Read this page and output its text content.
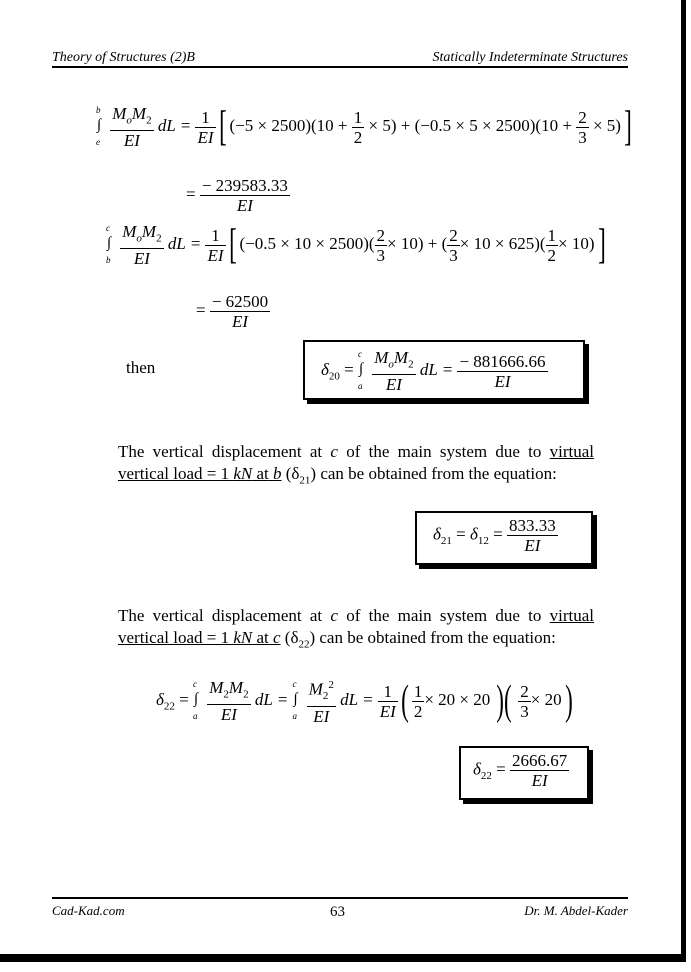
Theory of Structures (2)B	Statically Indeterminate Structures
b
∫
e
$\frac{M_oM_2}{EI}$ dL = $\frac{1}{EI}$ [ $(-5 \times 2500)(10 + \frac{1}{2} \times 5) + (-0.5 \times 5 \times 2500)(10 + \frac{2}{3} \times 5)$]
= $\frac{- 239583.33}{EI}$
c
∫
b
$\frac{M_oM_2}{EI}$ dL = $\frac{1}{EI}$ [ $(-0.5 \times 10 \times 2500)( \frac{2}{3} \times 10)$ + ( $\frac{2}{3} \times 10 \times 625)( \frac{1}{2} \times 10)$]
= $\frac{- 62500}{EI}$
then	$\delta_{20}$ =
c
∫
a
$\frac{M_oM_2}{EI}$ dL = $\frac{- 881666.66}{EI}$
The vertical displacement at c of the main system due to virtual vertical load = 1 kN at b $(\delta_{21})$ can be obtained from the equation:
$\delta_{21} = \delta_{12} = \frac{833.33}{EI}$
The vertical displacement at c of the main system due to virtual vertical load = 1 kN at c $(\delta_{22})$ can be obtained from the equation:
$\delta_{22}$ =
c
∫
a
$\frac{M_2M_2}{EI}$ dL =
c
∫
a
$\frac{M_2^2}{EI}$ dL = $\frac{1}{EI}$ ( $\frac{1}{2} \times 20 \times 20$ )( $\frac{2}{3} \times 20$)
$\delta_{22} = \frac{2666.67}{EI}$
Cad-Kad.com	63	Dr. M. Abdel-Kader
